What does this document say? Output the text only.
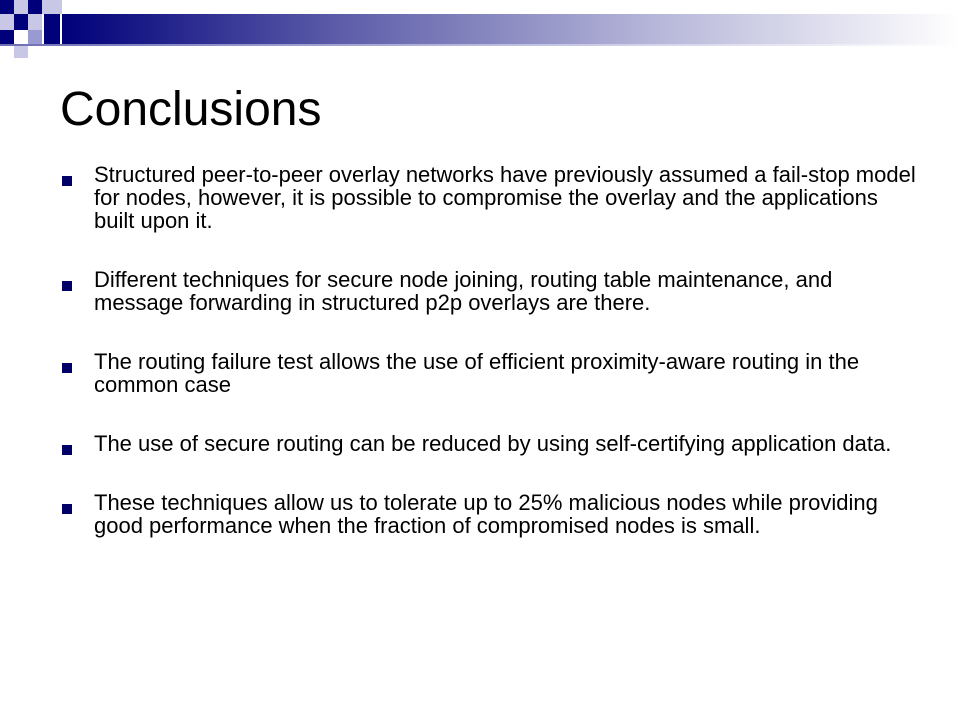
Conclusions
Structured peer-to-peer overlay networks have previously assumed a fail-stop model for nodes, however, it is possible to compromise the overlay and the applications built upon it.
Different techniques for secure node joining, routing table maintenance, and message forwarding in structured p2p overlays are there.
The routing failure test allows the use of efficient proximity-aware routing in the common case
The use of secure routing can be reduced by using self-certifying application data.
These techniques allow us to tolerate up to 25% malicious nodes while providing good performance when the fraction of compromised nodes is small.
